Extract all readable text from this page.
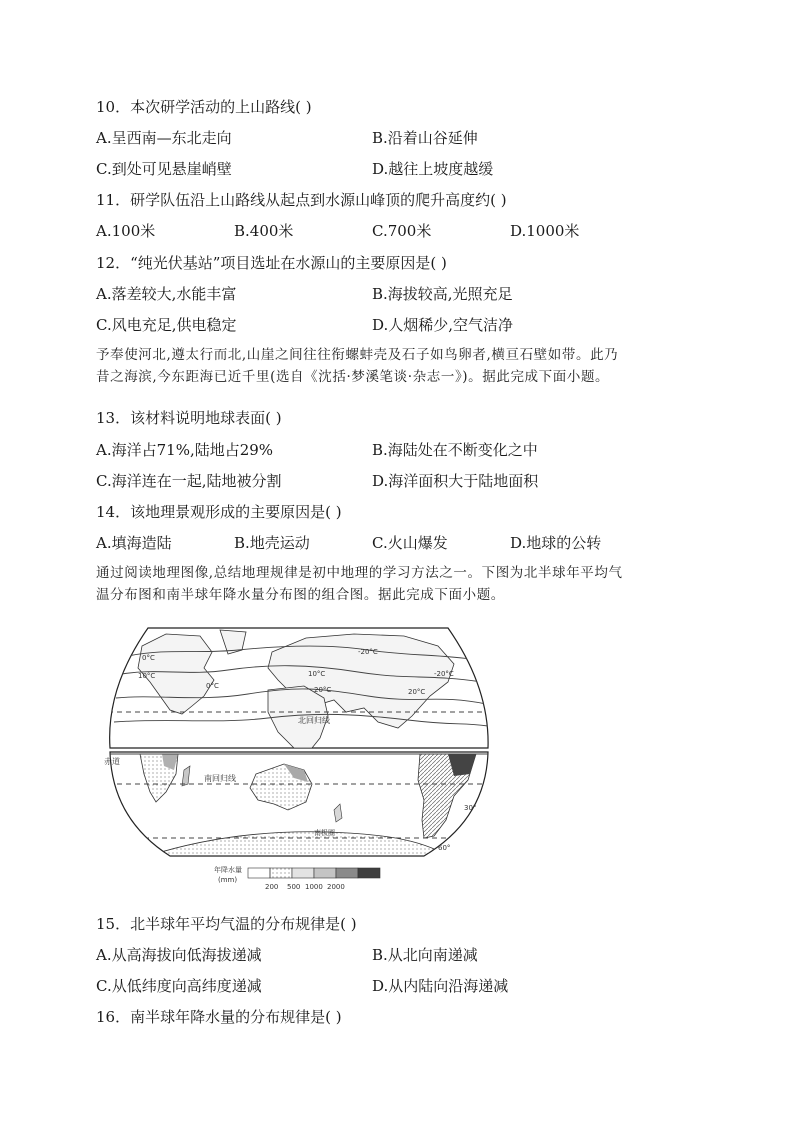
10．本次研学活动的上山路线( )
A.呈西南—东北走向	B.沿着山谷延伸
C.到处可见悬崖峭壁	D.越往上坡度越缓
11．研学队伍沿上山路线从起点到水源山峰顶的爬升高度约( )
A.100米	B.400米	C.700米	D.1000米
12．“纯光伏基站”项目选址在水源山的主要原因是( )
A.落差较大,水能丰富	B.海拔较高,光照充足
C.风电充足,供电稳定	D.人烟稀少,空气洁净
予奉使河北,遵太行而北,山崖之间往往衔螺蚌壳及石子如鸟卵者,横亘石壁如带。此乃
昔之海滨,今东距海已近千里(选自《沈括·梦溪笔谈·杂志一》)。据此完成下面小题。
13．该材料说明地球表面( )
A.海洋占71%,陆地占29%	B.海陆处在不断变化之中
C.海洋连在一起,陆地被分割	D.海洋面积大于陆地面积
14．该地理景观形成的主要原因是( )
A.填海造陆	B.地壳运动	C.火山爆发	D.地球的公转
通过阅读地理图像,总结地理规律是初中地理的学习方法之一。下图为北半球年平均气
温分布图和南半球年降水量分布图的组合图。据此完成下面小题。
0°C
10°C
0°C
10°C
20°C	20°C
-20°C
-20°C
北回归线
赤道
南回归线
南极圈
30°
60°
年降水量
(mm)
200 500 1000 2000
15．北半球年平均气温的分布规律是( )
A.从高海拔向低海拔递减	B.从北向南递减
C.从低纬度向高纬度递减	D.从内陆向沿海递减
16．南半球年降水量的分布规律是( )
